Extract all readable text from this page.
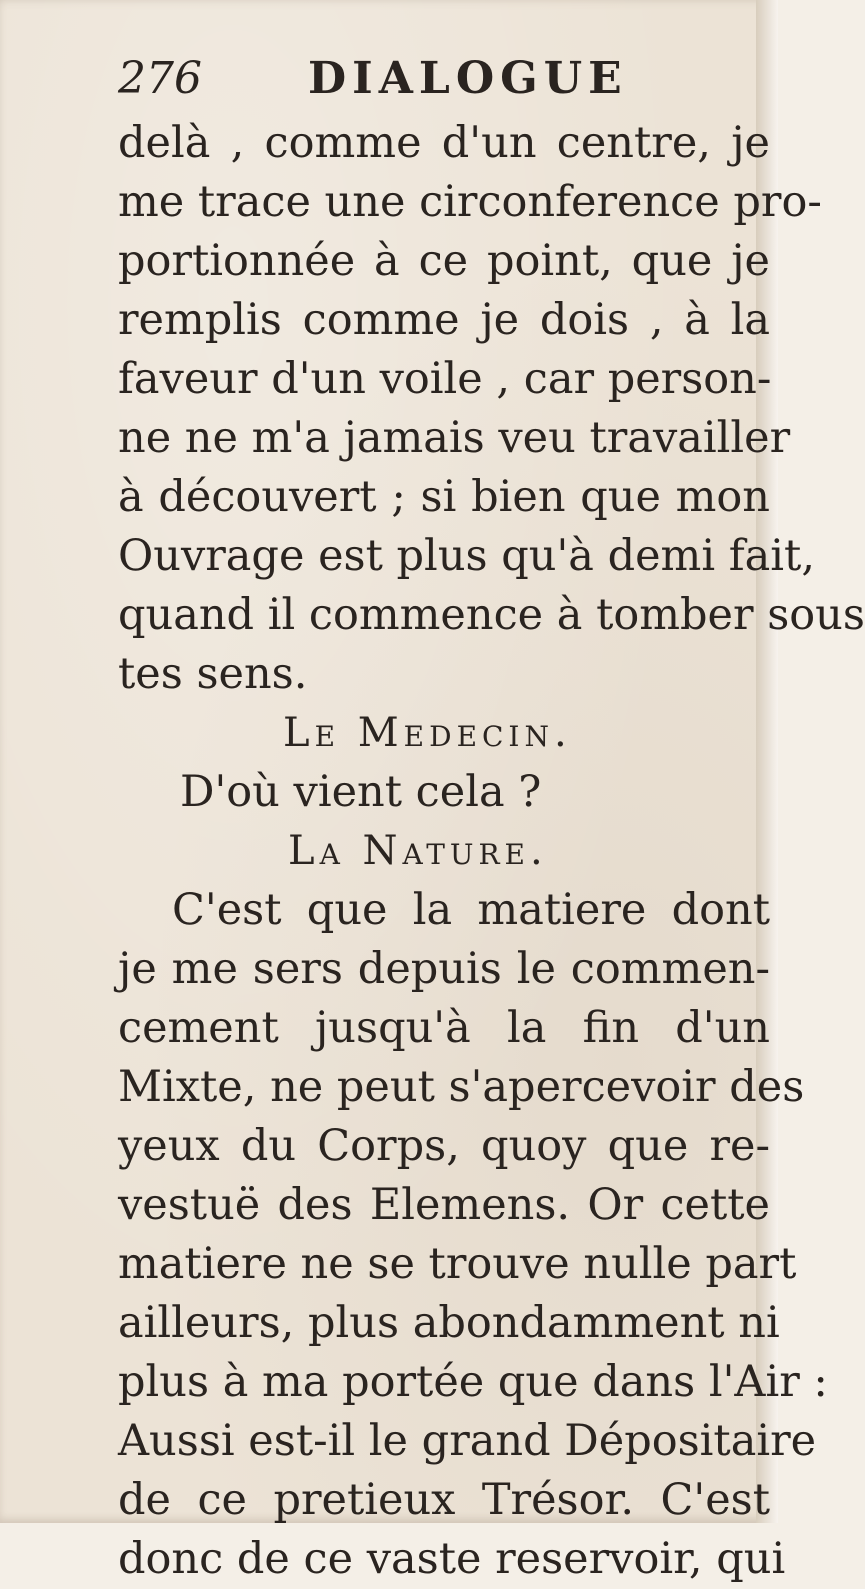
276 DIALOGUE
delà , comme d'un centre, je
me trace une circonference pro-
portionnée à ce point, que je
remplis comme je dois , à la
faveur d'un voile , car person-
ne ne m'a jamais veu travailler
à découvert ; si bien que mon
Ouvrage est plus qu'à demi fait,
quand il commence à tomber sous
tes sens.
Le Medecin.
D'où vient cela ?
La Nature.
C'est que la matiere dont
je me sers depuis le commen-
cement jusqu'à la fin d'un
Mixte, ne peut s'apercevoir des
yeux du Corps, quoy que re-
vestuë des Elemens. Or cette
matiere ne se trouve nulle part
ailleurs, plus abondamment ni
plus à ma portée que dans l'Air :
Aussi est-il le grand Dépositaire
de ce pretieux Trésor. C'est
donc de ce vaste reservoir, qui
